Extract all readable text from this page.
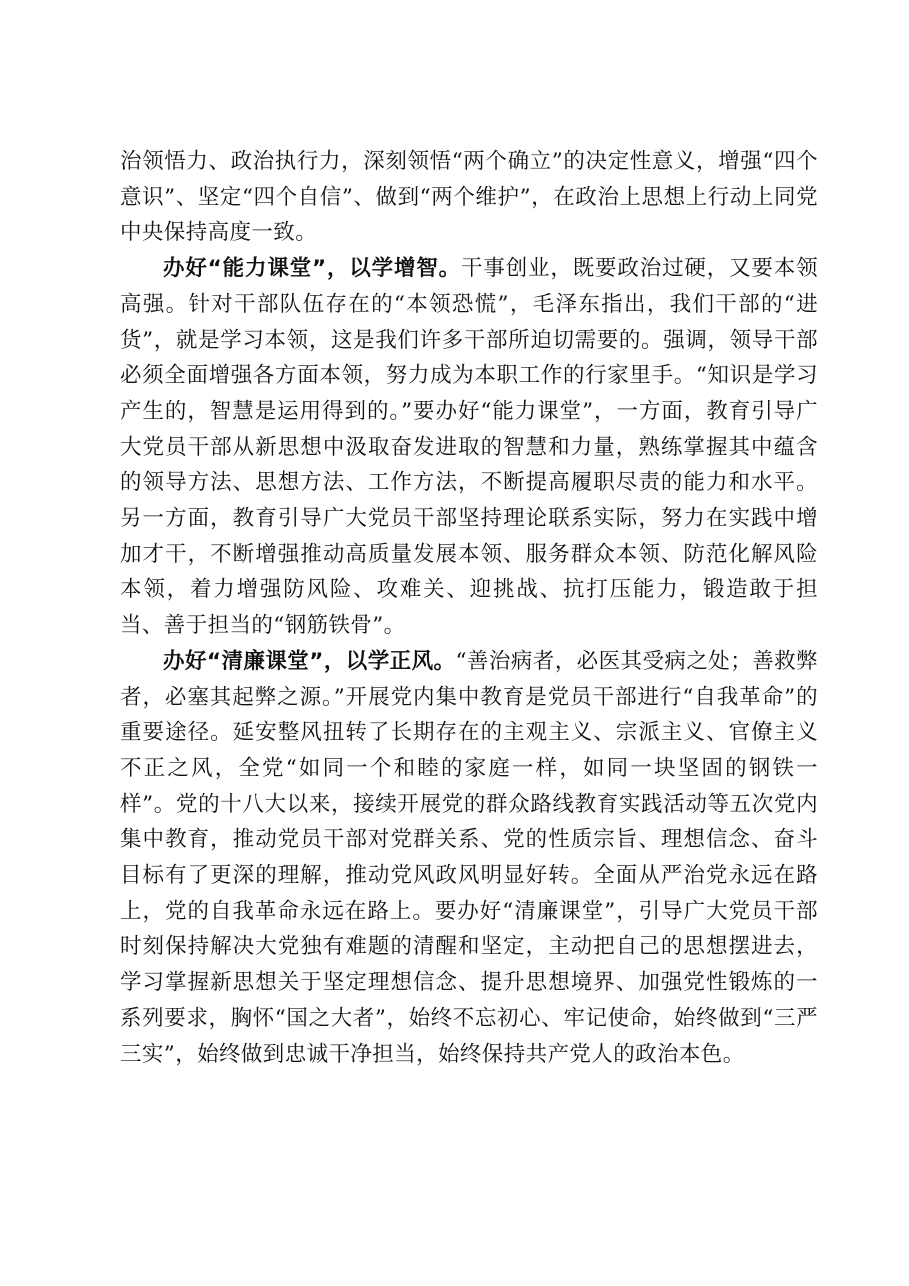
治领悟力、政治执行力，深刻领悟“两个确立”的决定性意义，增强“四个意识”、坚定“四个自信”、做到“两个维护”，在政治上思想上行动上同党中央保持高度一致。

办好“能力课堂”，以学增智。干事创业，既要政治过硬，又要本领高强。针对干部队伍存在的“本领恐慌”，毛泽东指出，我们干部的“进货”，就是学习本领，这是我们许多干部所迫切需要的。强调，领导干部必须全面增强各方面本领，努力成为本职工作的行家里手。“知识是学习产生的，智慧是运用得到的。”要办好“能力课堂”，一方面，教育引导广大党员干部从新思想中汲取奋发进取的智慧和力量，熟练掌握其中蕴含的领导方法、思想方法、工作方法，不断提高履职尽责的能力和水平。另一方面，教育引导广大党员干部坚持理论联系实际，努力在实践中增加才干，不断增强推动高质量发展本领、服务群众本领、防范化解风险本领，着力增强防风险、攻难关、迎挑战、抗打压能力，锻造敢于担当、善于担当的“钢筋铁骨”。

办好“清廉课堂”，以学正风。“善治病者，必医其受病之处；善救弊者，必塞其起弊之源。”开展党内集中教育是党员干部进行“自我革命”的重要途径。延安整风扭转了长期存在的主观主义、宗派主义、官僚主义不正之风，全党“如同一个和睦的家庭一样，如同一块坚固的钢铁一样”。党的十八大以来，接续开展党的群众路线教育实践活动等五次党内集中教育，推动党员干部对党群关系、党的性质宗旨、理想信念、奋斗目标有了更深的理解，推动党风政风明显好转。全面从严治党永远在路上，党的自我革命永远在路上。要办好“清廉课堂”，引导广大党员干部时刻保持解决大党独有难题的清醒和坚定，主动把自己的思想摆进去，学习掌握新思想关于坚定理想信念、提升思想境界、加强党性锻炼的一系列要求，胸怀“国之大者”，始终不忘初心、牢记使命，始终做到“三严三实”，始终做到忠诚干净担当，始终保持共产党人的政治本色。
